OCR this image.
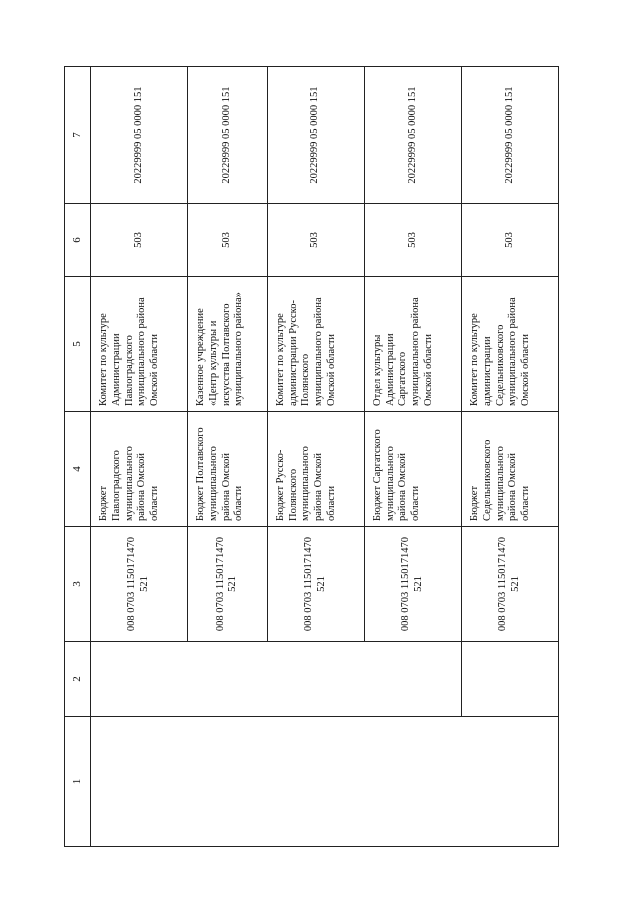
1	2	3	4	5	6	7
		008 0703 1150171470 521	Бюджет Павлоградского муниципального района Омской области	Комитет по культуре Администрации Павлоградского муниципального района Омской области	503	20229999 05 0000 151
		008 0703 1150171470 521	Бюджет Полтавского муниципального района Омской области	Казенное учреждение «Центр культуры и искусства Полтавского муниципального района»	503	20229999 05 0000 151
		008 0703 1150171470 521	Бюджет Русско-Полянского муниципального района Омской области	Комитет по культуре администрации Русско-Полянского муниципального района Омской области	503	20229999 05 0000 151
		008 0703 1150171470 521	Бюджет Саргатского муниципального района Омской области	Отдел культуры Администрации Саргатского муниципального района Омской области	503	20229999 05 0000 151
		008 0703 1150171470 521	Бюджет Седельниковского муниципального района Омской области	Комитет по культуре администрации Седельниковского муниципального района Омской области	503	20229999 05 0000 151
